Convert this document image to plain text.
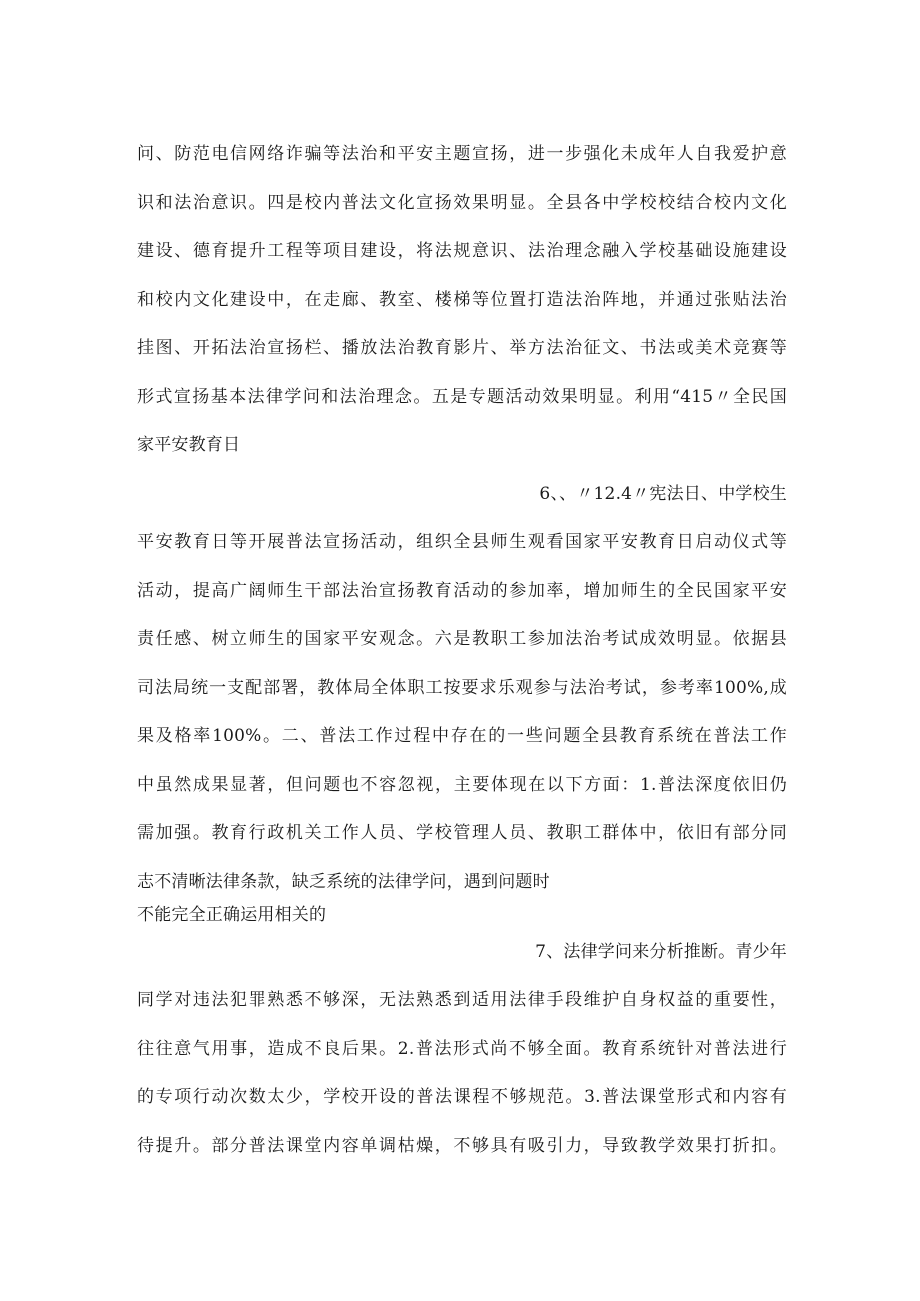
问、防范电信网络诈骗等法治和平安主题宣扬，进一步强化未成年人自我爱护意
识和法治意识。四是校内普法文化宣扬效果明显。全县各中学校校结合校内文化
建设、德育提升工程等项目建设，将法规意识、法治理念融入学校基础设施建设
和校内文化建设中，在走廊、教室、楼梯等位置打造法治阵地，并通过张贴法治
挂图、开拓法治宣扬栏、播放法治教育影片、举方法治征文、书法或美术竞赛等
形式宣扬基本法律学问和法治理念。五是专题活动效果明显。利用“415〃全民国
家平安教育日
6、、〃12.4〃宪法日、中学校生
平安教育日等开展普法宣扬活动，组织全县师生观看国家平安教育日启动仪式等
活动，提高广阔师生干部法治宣扬教育活动的参加率，增加师生的全民国家平安
责任感、树立师生的国家平安观念。六是教职工参加法治考试成效明显。依据县
司法局统一支配部署，教体局全体职工按要求乐观参与法治考试，参考率100%,成
果及格率100%。二、普法工作过程中存在的一些问题全县教育系统在普法工作
中虽然成果显著，但问题也不容忽视，主要体现在以下方面：1.普法深度依旧仍
需加强。教育行政机关工作人员、学校管理人员、教职工群体中，依旧有部分同
志不清晰法律条款，缺乏系统的法律学问，遇到问题时
不能完全正确运用相关的
7、法律学问来分析推断。青少年
同学对违法犯罪熟悉不够深，无法熟悉到适用法律手段维护自身权益的重要性，
往往意气用事，造成不良后果。2.普法形式尚不够全面。教育系统针对普法进行
的专项行动次数太少，学校开设的普法课程不够规范。3.普法课堂形式和内容有
待提升。部分普法课堂内容单调枯燥，不够具有吸引力，导致教学效果打折扣。
